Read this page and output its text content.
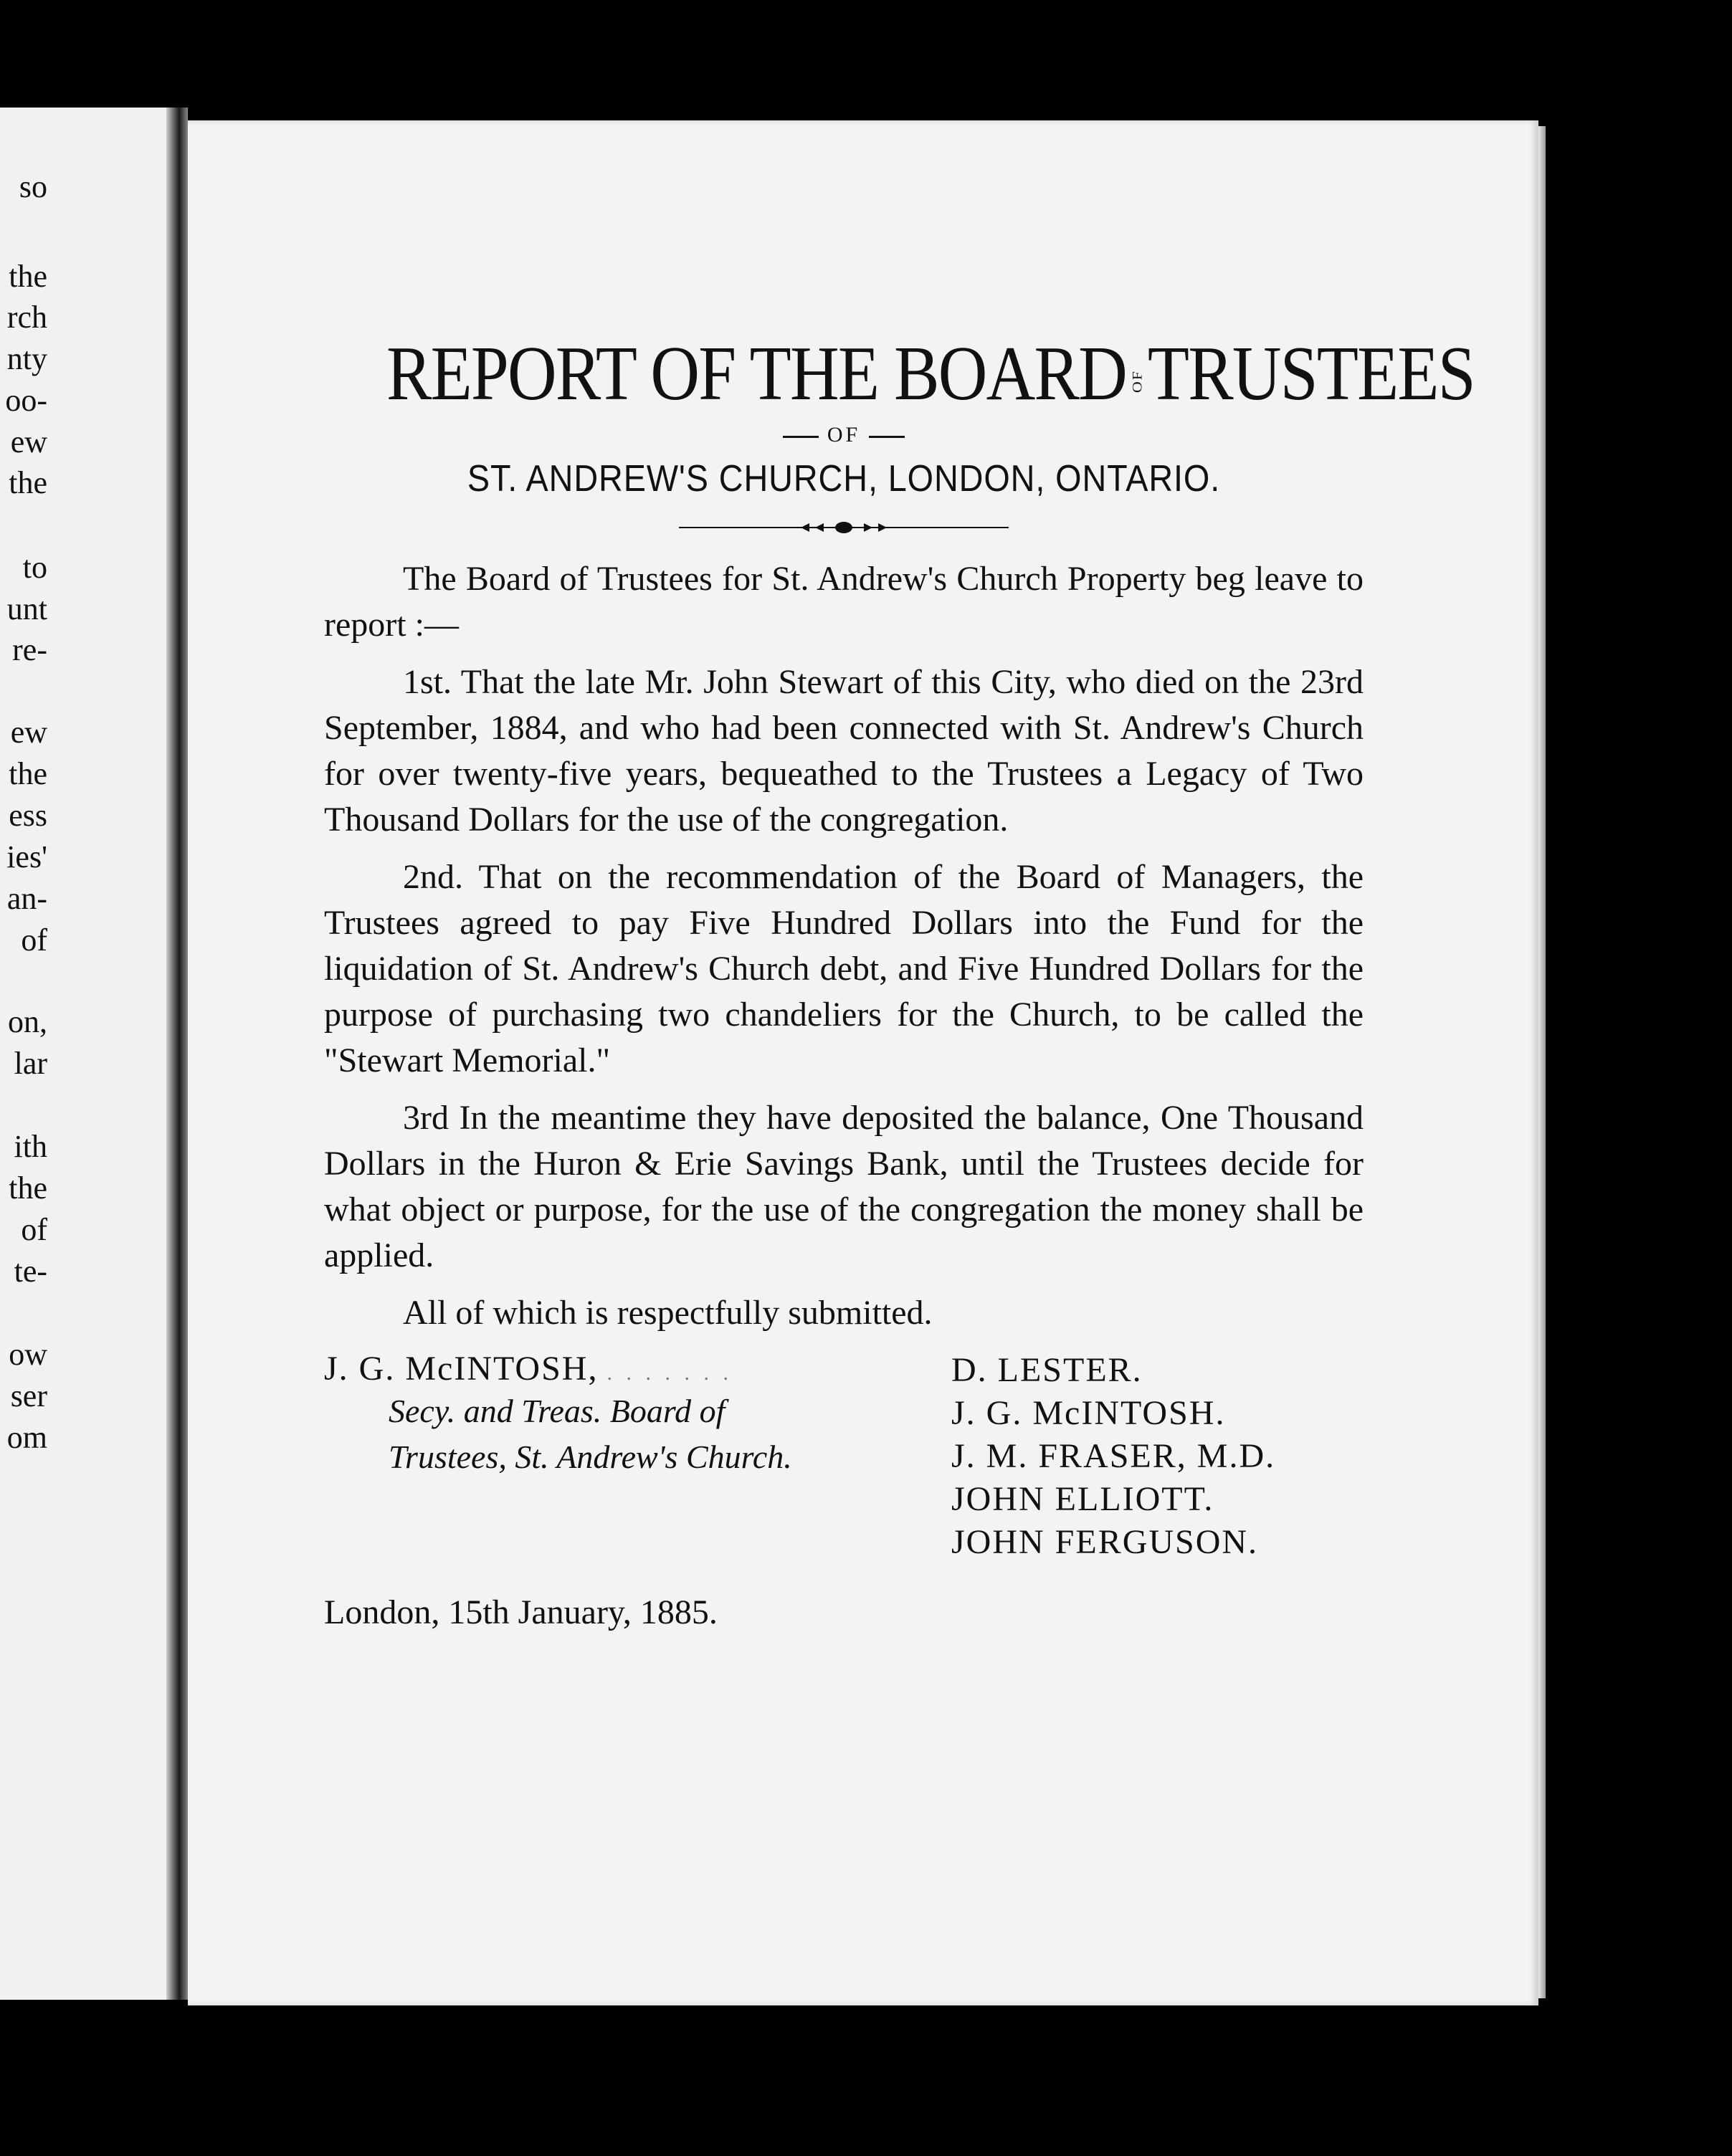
so
the
rch
nty
oo-
ew
the
to
unt
re-
ew
the
ess
ies'
an-
of
on,
lar
ith
the
of
te-
ow
ser
om
REPORT OF THE BOARD OFTRUSTEES
OF
ST. ANDREW'S CHURCH, LONDON, ONTARIO.

The Board of Trustees for St. Andrew's Church Property beg leave to report :—

1st. That the late Mr. John Stewart of this City, who died on the 23rd September, 1884, and who had been connected with St. Andrew's Church for over twenty-five years, bequeathed to the Trustees a Legacy of Two Thousand Dollars for the use of the congregation.

2nd. That on the recommendation of the Board of Managers, the Trustees agreed to pay Five Hundred Dollars into the Fund for the liquidation of St. Andrew's Church debt, and Five Hundred Dollars for the purpose of purchasing two chandeliers for the Church, to be called the "Stewart Memorial."

3rd In the meantime they have deposited the balance, One Thousand Dollars in the Huron & Erie Savings Bank, until the Trustees decide for what object or purpose, for the use of the congregation the money shall be applied.

All of which is respectfully submitted.

J. G. McINTOSH, . . . . . . .
Secy. and Treas. Board of Trustees, St. Andrew's Church.
D. LESTER.
J. G. McINTOSH.
J. M. FRASER, M.D.
JOHN ELLIOTT.
JOHN FERGUSON.
London, 15th January, 1885.
